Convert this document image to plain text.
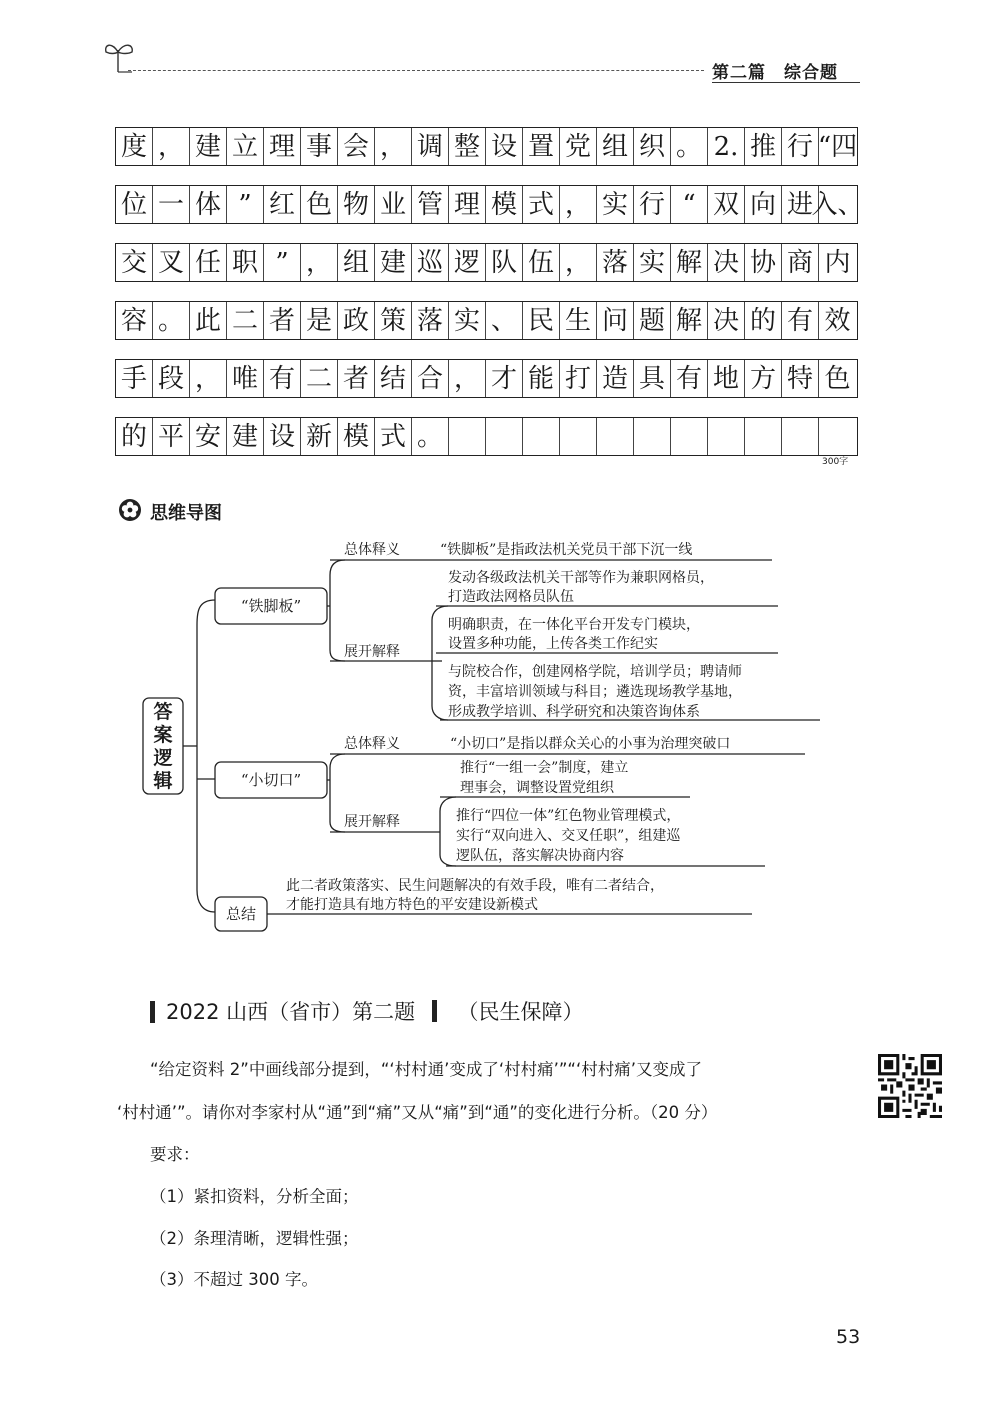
第二篇　综合题
度 ， 建 立 理 事 会 ， 调 整 设 置 党 组 织 。 2. 推 行 “四
位 一 体 ” 红 色 物 业 管 理 模 式 ， 实 行 “ 双 向 进
入、
交 叉 任 职 ” ， 组 建 巡 逻 队 伍 ， 落 实 解 决 协 商 内
容 。 此 二 者 是 政 策 落 实 、 民 生 问 题 解 决 的 有 效
手 段 ， 唯 有 二 者 结 合 ， 才 能 打 造 具 有 地 方 特 色
的 平 安 建 设 新 模 式 。
300字
思维导图
答
案
逻
辑
“铁脚板”
总体释义	“铁脚板”是指政法机关党员干部下沉一线
展开解释
发动各级政法机关干部等作为兼职网格员，
打造政法网格员队伍
明确职责，在一体化平台开发专门模块，
设置多种功能，上传各类工作纪实
与院校合作，创建网格学院，培训学员；聘请师
资，丰富培训领域与科目；遴选现场教学基地，
形成教学培训、科学研究和决策咨询体系
“小切口”
总体释义	“小切口”是指以群众关心的小事为治理突破口
展开解释
推行“一组一会”制度，建立
理事会，调整设置党组织
推行“四位一体”红色物业管理模式，
实行“双向进入、交叉任职”，组建巡
逻队伍，落实解决协商内容
总结
此二者政策落实、民生问题解决的有效手段，唯有二者结合，
才能打造具有地方特色的平安建设新模式
2022 山西（省市）第二题 （民生保障）
“给定资料 2”中画线部分提到，“‘村村通’变成了‘村村痛’”“‘村村痛’又变成了
‘村村通’”。请你对李家村从“通”到“痛”又从“痛”到“通”的变化进行分析。（20 分）
要求：
（1）紧扣资料，分析全面；
（2）条理清晰，逻辑性强；
（3）不超过 300 字。
53
